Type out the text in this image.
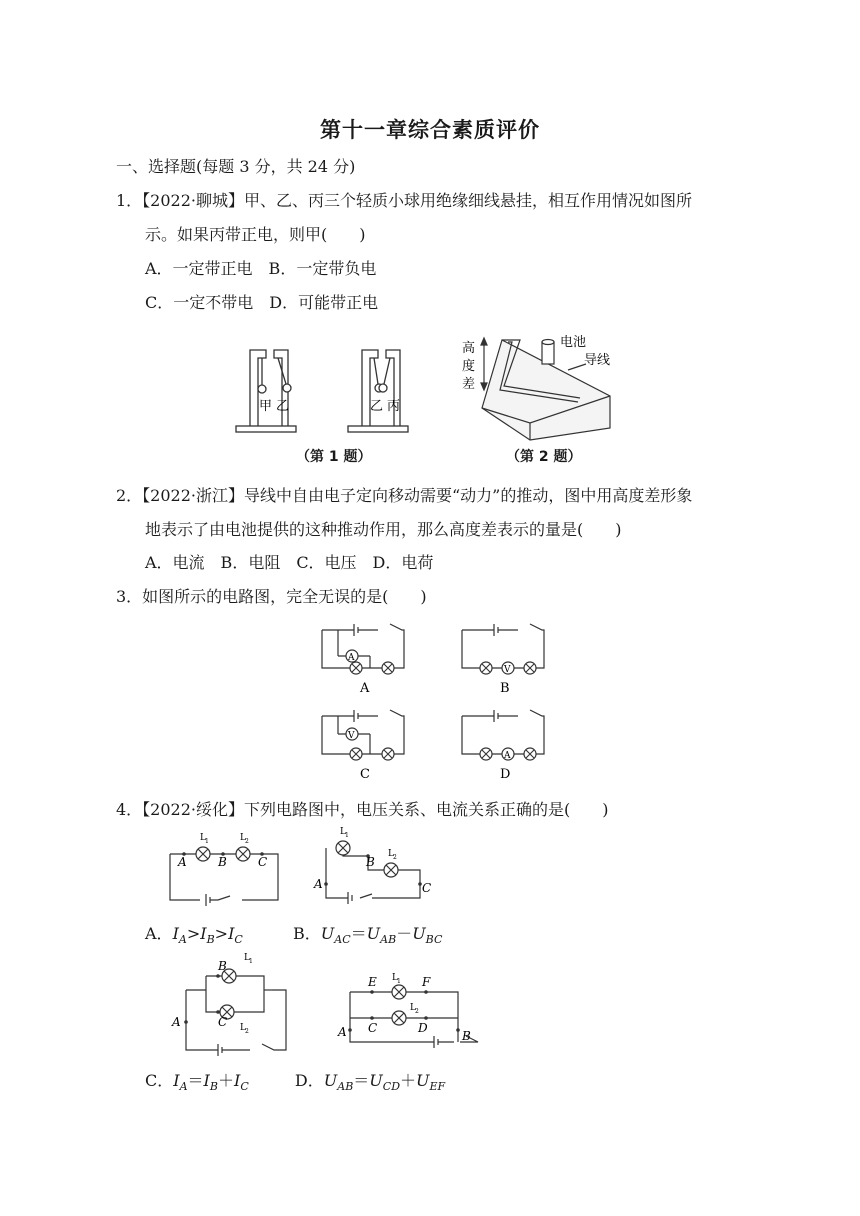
第十一章综合素质评价
一、选择题(每题 3 分，共 24 分)
1．【2022·聊城】甲、乙、丙三个轻质小球用绝缘细线悬挂，相互作用情况如图所
示。如果丙带正电，则甲(　　)
A．一定带正电　B．一定带负电
C．一定不带电　D．可能带正电
甲 乙	乙 丙
（第 1 题）
高
度
差
电池
导线
（第 2 题）
2．【2022·浙江】导线中自由电子定向移动需要“动力”的推动，图中用高度差形象
地表示了由电池提供的这种推动作用，那么高度差表示的量是(　　)
A．电流　B．电阻　C．电压　D．电荷
3．如图所示的电路图，完全无误的是(　　)
A
V
V
A
A	B
C	D
4．【2022·绥化】下列电路图中，电压关系、电流关系正确的是(　　)
A	B	C
A
B
C
L 1	L 2
L 1
L 2
A．$I_A>I_B>I_C$	B．$U_{AC}=U_{AB}-U_{BC}$
B
C
A
E	F
C	D
A	B
L 1
L 2
L 1
L 2
C．$I_A=I_B+I_C$	D．$U_{AB}=U_{CD}+U_{EF}$
